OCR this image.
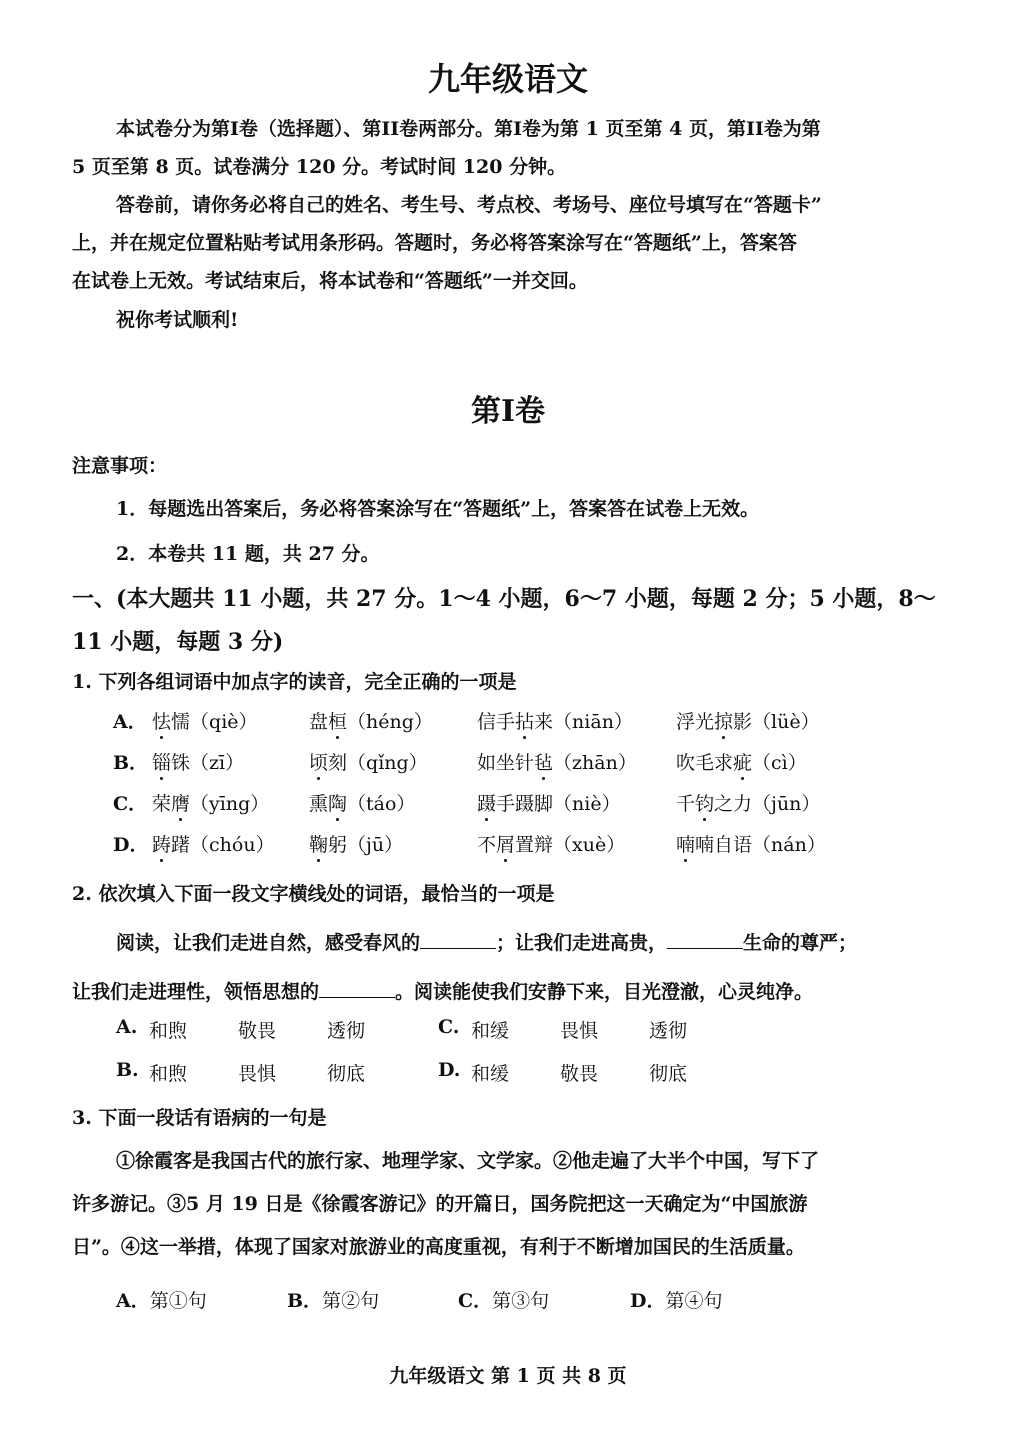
九年级语文
本试卷分为第I卷（选择题）、第II卷两部分。第I卷为第 1 页至第 4 页，第II卷为第
5 页至第 8 页。试卷满分 120 分。考试时间 120 分钟。
答卷前，请你务必将自己的姓名、考生号、考点校、考场号、座位号填写在“答题卡”
上，并在规定位置粘贴考试用条形码。答题时，务必将答案涂写在“答题纸”上，答案答
在试卷上无效。考试结束后，将本试卷和“答题纸”一并交回。
祝你考试顺利!
第I卷
注意事项：
1．每题选出答案后，务必将答案涂写在“答题纸”上，答案答在试卷上无效。
2．本卷共 11 题，共 27 分。
一、(本大题共 11 小题，共 27 分。1～4 小题，6～7 小题，每题 2 分；5 小题，8～
11 小题，每题 3 分)
1. 下列各组词语中加点字的读音，完全正确的一项是
A． 怯懦（qiè）	盘桓（héng） 信手拈来（niān） 浮光掠影（lüè）
B． 锱铢（zī）	顷刻（qǐng）	如坐针毡（zhān） 吹毛求疵（cì）
C． 荣膺（yīng） 熏陶（táo）	蹑手蹑脚（niè）	千钧之力（jūn）
D． 踌躇（chóu） 鞠躬（jū）	不屑置辩（xuè）	喃喃自语（nán）
2. 依次填入下面一段文字横线处的词语，最恰当的一项是
阅读，让我们走进自然，感受春风的	；让我们走进高贵，	生命的尊严；
让我们走进理性，领悟思想的	。阅读能使我们安静下来，目光澄澈，心灵纯净。
A. 和煦	敬畏	透彻
B. 和煦	畏惧	彻底
C. 和缓	畏惧	透彻
D. 和缓	敬畏	彻底
3. 下面一段话有语病的一句是
①徐霞客是我国古代的旅行家、地理学家、文学家。②他走遍了大半个中国，写下了
许多游记。③5 月 19 日是《徐霞客游记》的开篇日，国务院把这一天确定为“中国旅游
日”。④这一举措，体现了国家对旅游业的高度重视，有利于不断增加国民的生活质量。
A．第①句	B．第②句	C．第③句	D．第④句
九年级语文 第 1 页 共 8 页
